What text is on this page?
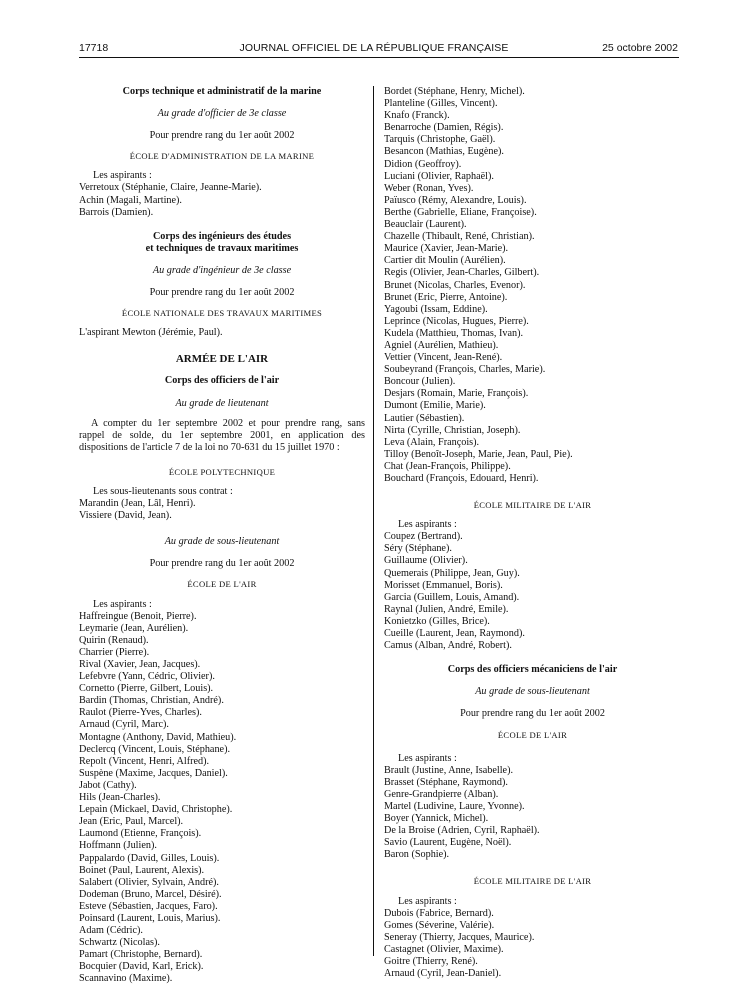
17718	JOURNAL OFFICIEL DE LA RÉPUBLIQUE FRANÇAISE	25 octobre 2002
Corps technique et administratif de la marine
Au grade d'officier de 3e classe
Pour prendre rang du 1er août 2002
ÉCOLE D'ADMINISTRATION DE LA MARINE
Les aspirants :
Verretoux (Stéphanie, Claire, Jeanne-Marie).
Achin (Magali, Martine).
Barrois (Damien).
Corps des ingénieurs des études
et techniques de travaux maritimes
Au grade d'ingénieur de 3e classe
Pour prendre rang du 1er août 2002
ÉCOLE NATIONALE DES TRAVAUX MARITIMES
L'aspirant Mewton (Jérémie, Paul).
ARMÉE DE L'AIR
Corps des officiers de l'air
Au grade de lieutenant

A compter du 1er septembre 2002 et pour prendre rang, sans rappel de solde, du 1er septembre 2001, en application des dispositions de l'article 7 de la loi no 70-631 du 15 juillet 1970 :

ÉCOLE POLYTECHNIQUE
Les sous-lieutenants sous contrat :
Marandin (Jean, Lâl, Henri).
Vissiere (David, Jean).
Au grade de sous-lieutenant
Pour prendre rang du 1er août 2002
ÉCOLE DE L'AIR
Les aspirants :
Haffreingue (Benoit, Pierre).
Leymarie (Jean, Aurélien).
Quirin (Renaud).
Charrier (Pierre).
Rival (Xavier, Jean, Jacques).
Lefebvre (Yann, Cédric, Olivier).
Cornetto (Pierre, Gilbert, Louis).
Bardin (Thomas, Christian, André).
Raulot (Pierre-Yves, Charles).
Arnaud (Cyril, Marc).
Montagne (Anthony, David, Mathieu).
Declercq (Vincent, Louis, Stéphane).
Repolt (Vincent, Henri, Alfred).
Suspène (Maxime, Jacques, Daniel).
Jabot (Cathy).
Hils (Jean-Charles).
Lepain (Mickael, David, Christophe).
Jean (Eric, Paul, Marcel).
Laumond (Etienne, François).
Hoffmann (Julien).
Pappalardo (David, Gilles, Louis).
Boinet (Paul, Laurent, Alexis).
Salabert (Olivier, Sylvain, André).
Dodeman (Bruno, Marcel, Désiré).
Esteve (Sébastien, Jacques, Faro).
Poinsard (Laurent, Louis, Marius).
Adam (Cédric).
Schwartz (Nicolas).
Pamart (Christophe, Bernard).
Bocquier (David, Karl, Erick).
Scannavino (Maxime).
Bordet (Stéphane, Henry, Michel).
Planteline (Gilles, Vincent).
Knafo (Franck).
Benarroche (Damien, Régis).
Tarquis (Christophe, Gaël).
Besancon (Mathias, Eugène).
Didion (Geoffroy).
Luciani (Olivier, Raphaël).
Weber (Ronan, Yves).
Païusco (Rémy, Alexandre, Louis).
Berthe (Gabrielle, Eliane, Françoise).
Beauclair (Laurent).
Chazelle (Thibault, René, Christian).
Maurice (Xavier, Jean-Marie).
Cartier dit Moulin (Aurélien).
Regis (Olivier, Jean-Charles, Gilbert).
Brunet (Nicolas, Charles, Evenor).
Brunet (Eric, Pierre, Antoine).
Yagoubi (Issam, Eddine).
Leprince (Nicolas, Hugues, Pierre).
Kudela (Matthieu, Thomas, Ivan).
Agniel (Aurélien, Mathieu).
Vettier (Vincent, Jean-René).
Soubeyrand (François, Charles, Marie).
Boncour (Julien).
Desjars (Romain, Marie, François).
Dumont (Emilie, Marie).
Lautier (Sébastien).
Nirta (Cyrille, Christian, Joseph).
Leva (Alain, François).
Tilloy (Benoît-Joseph, Marie, Jean, Paul, Pie).
Chat (Jean-François, Philippe).
Bouchard (François, Edouard, Henri).
ÉCOLE MILITAIRE DE L'AIR
Les aspirants :
Coupez (Bertrand).
Séry (Stéphane).
Guillaume (Olivier).
Quemerais (Philippe, Jean, Guy).
Morisset (Emmanuel, Boris).
Garcia (Guillem, Louis, Amand).
Raynal (Julien, André, Emile).
Konietzko (Gilles, Brice).
Cueille (Laurent, Jean, Raymond).
Camus (Alban, André, Robert).
Corps des officiers mécaniciens de l'air
Au grade de sous-lieutenant
Pour prendre rang du 1er août 2002
ÉCOLE DE L'AIR
Les aspirants :
Brault (Justine, Anne, Isabelle).
Brasset (Stéphane, Raymond).
Genre-Grandpierre (Alban).
Martel (Ludivine, Laure, Yvonne).
Boyer (Yannick, Michel).
De la Broise (Adrien, Cyril, Raphaël).
Savio (Laurent, Eugène, Noël).
Baron (Sophie).
ÉCOLE MILITAIRE DE L'AIR
Les aspirants :
Dubois (Fabrice, Bernard).
Gomes (Séverine, Valérie).
Seneray (Thierry, Jacques, Maurice).
Castagnet (Olivier, Maxime).
Goitre (Thierry, René).
Arnaud (Cyril, Jean-Daniel).
